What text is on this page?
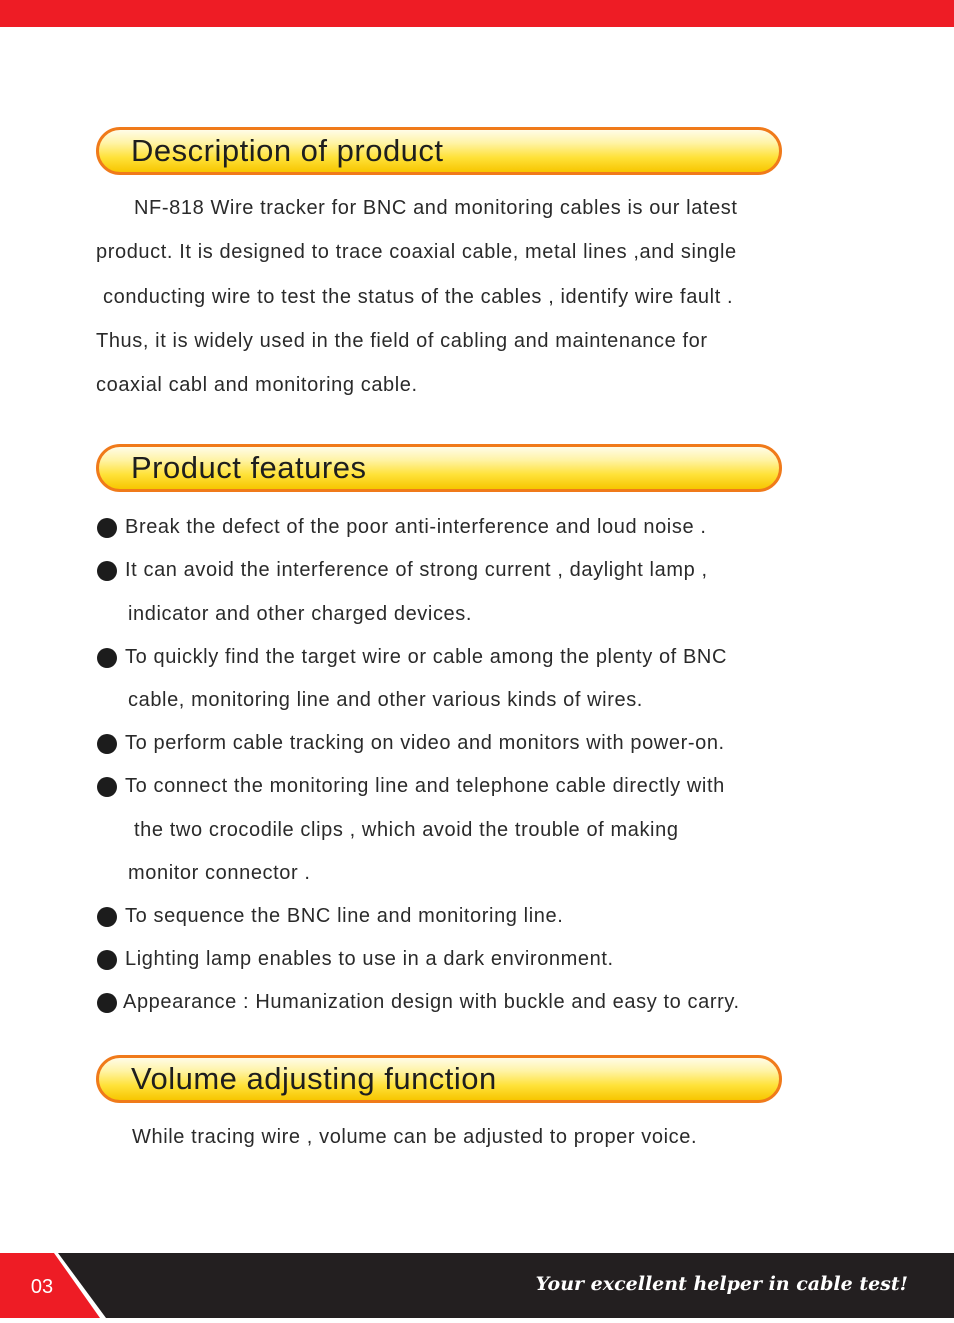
Description of product
NF-818 Wire tracker for BNC and monitoring cables is our latest
product. It is designed to trace coaxial cable, metal lines ,and single
conducting wire to test the status of the cables , identify wire fault .
Thus, it is widely used in the field of cabling and maintenance for
coaxial cabl and monitoring cable.
Product features
Break the defect of the poor anti-interference and loud noise .
It can avoid the interference of strong current , daylight lamp ,
indicator and other charged devices.
To quickly find the target wire or cable among the plenty of BNC
cable, monitoring line and other various kinds of wires.
To perform cable tracking on video and monitors with power-on.
To connect the monitoring line and telephone cable directly with
the two crocodile clips , which avoid the trouble of making
monitor connector .
To sequence the BNC line and monitoring line.
Lighting lamp enables to use in a dark environment.
Appearance : Humanization design with buckle and easy to carry.
Volume adjusting function
While tracing wire , volume can be adjusted to proper voice.
03	Your excellent helper in cable test!
